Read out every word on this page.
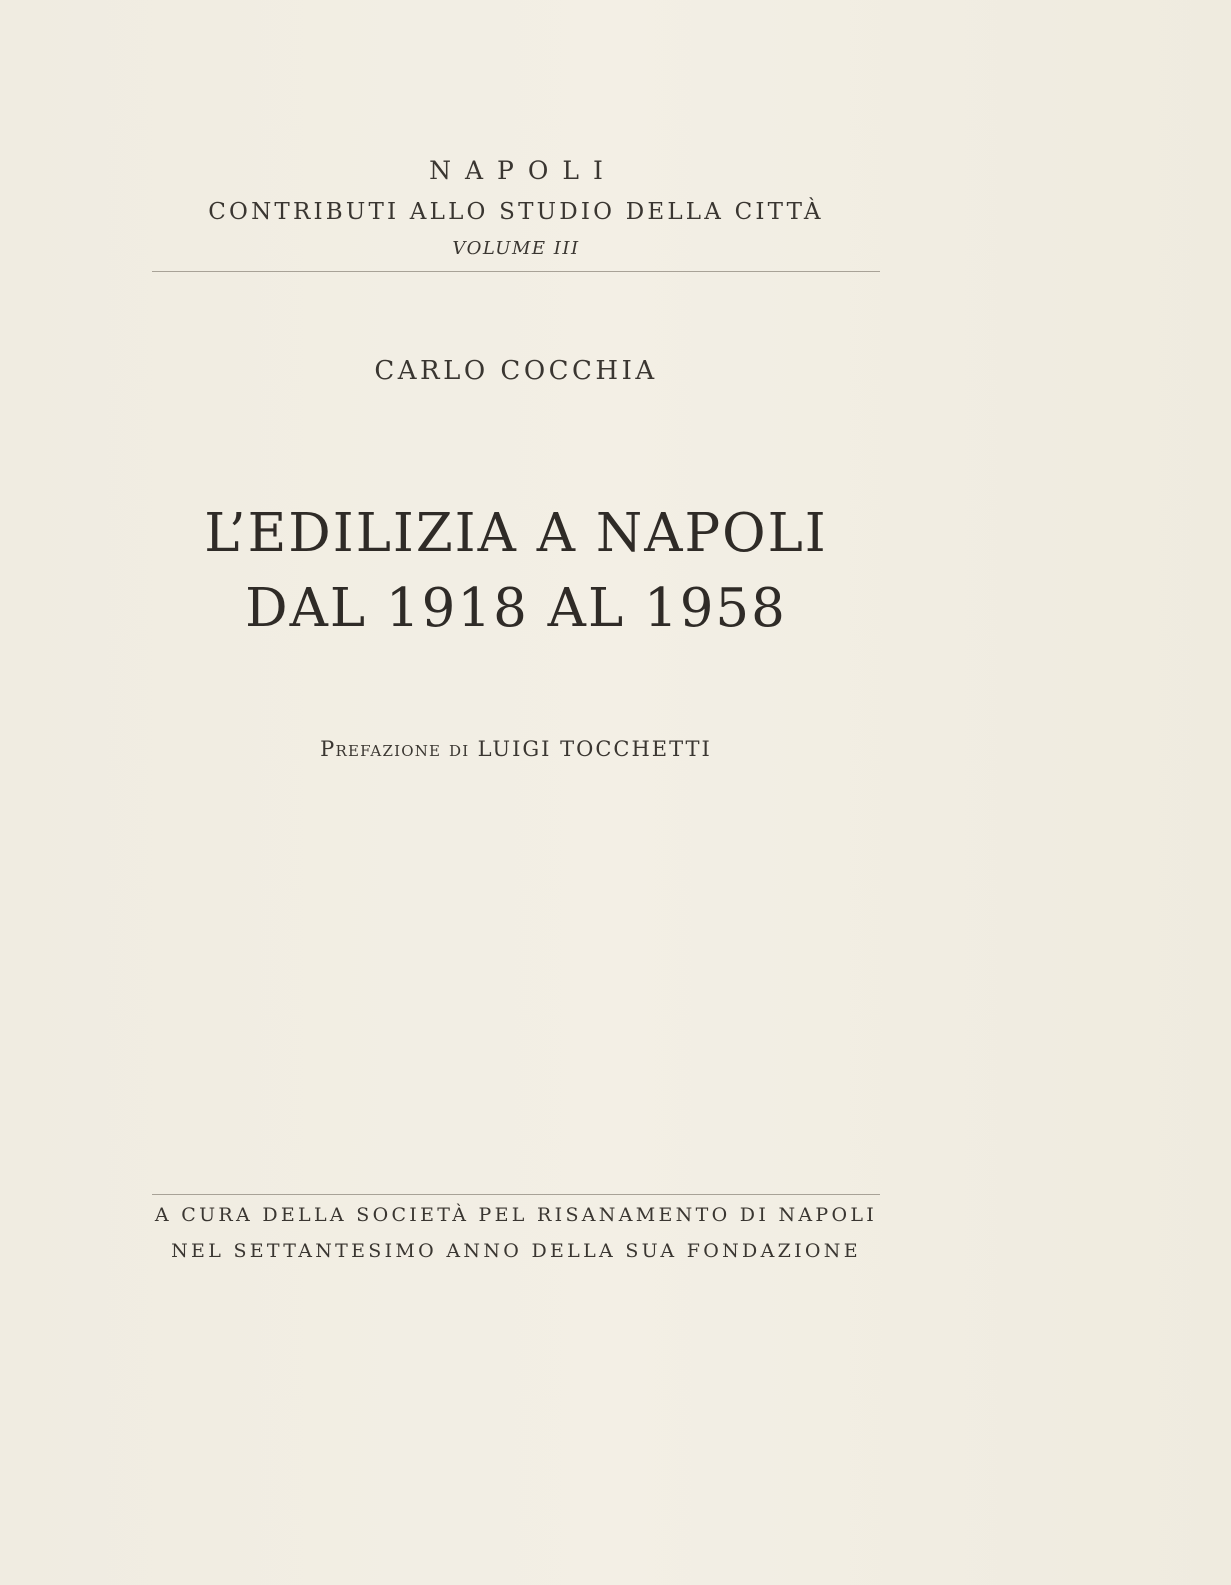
NAPOLI
CONTRIBUTI ALLO STUDIO DELLA CITTÀ
VOLUME III
CARLO COCCHIA
L’EDILIZIA A NAPOLI
DAL 1918 AL 1958
Prefazione di LUIGI TOCCHETTI
A CURA DELLA SOCIETÀ PEL RISANAMENTO DI NAPOLI
NEL SETTANTESIMO ANNO DELLA SUA FONDAZIONE
